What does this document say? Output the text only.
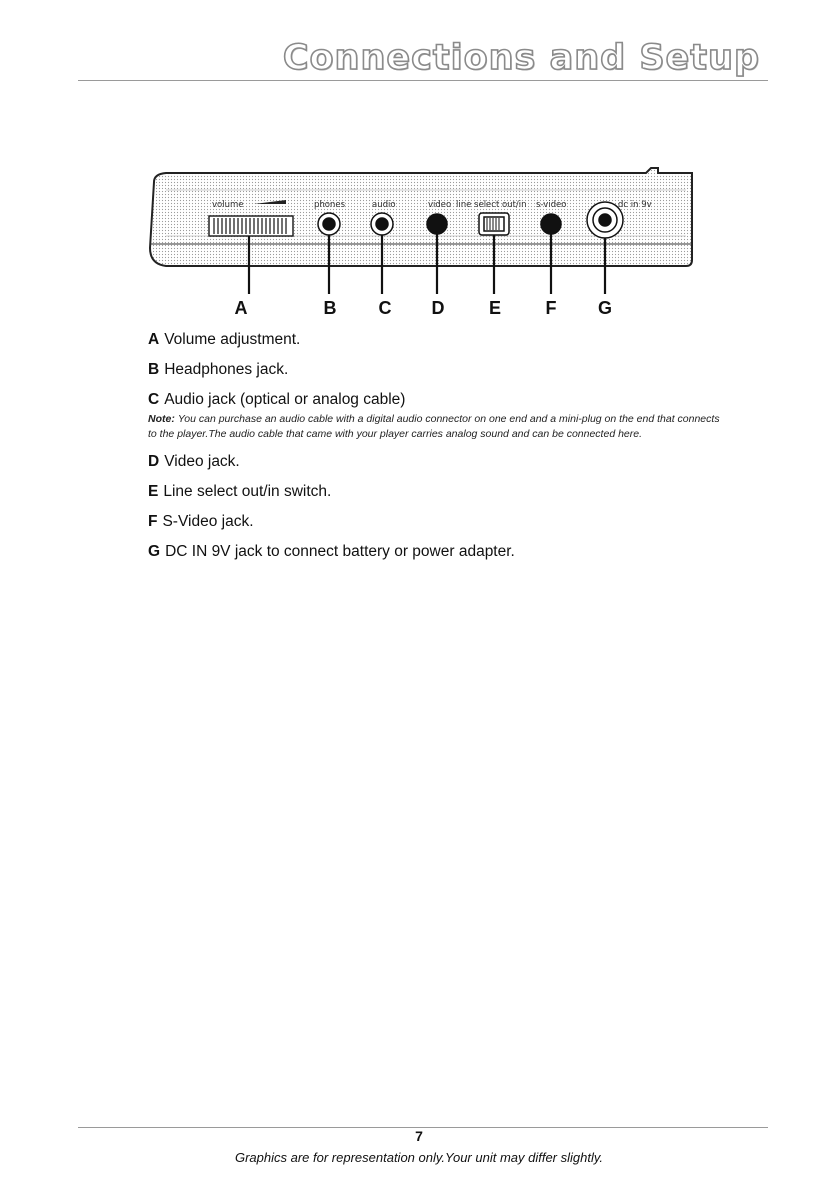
Connections and Setup
volume	phones	audio	video line select out/in s-video	dc in 9v
A	B C D E F G

A Volume adjustment.

B Headphones jack.

C Audio jack (optical or analog cable)

Note: You can purchase an audio cable with a digital audio connector on one end and a mini-plug on the end that connects to the player.The audio cable that came with your player carries analog sound and can be connected here.

D Video jack.

E Line select out/in switch.

F S-Video jack.

G DC IN 9V jack to connect battery or power adapter.

7
Graphics are for representation only.Your unit may differ slightly.
